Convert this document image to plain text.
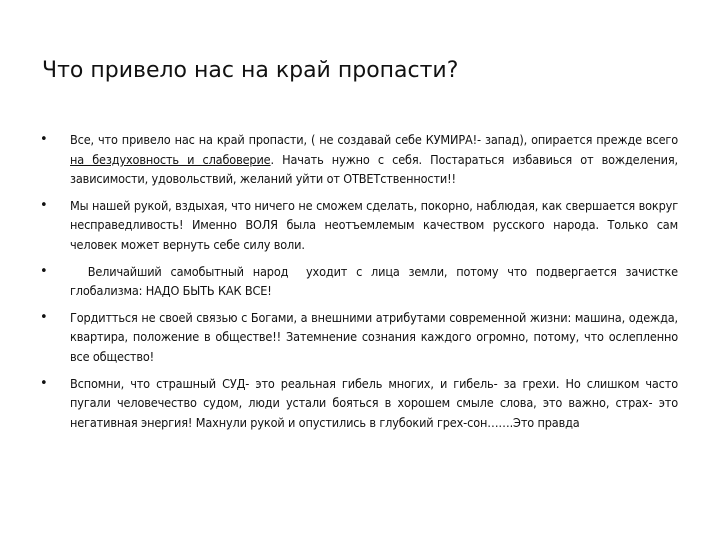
Что привело нас на край пропасти?
• Все, что привело нас на край пропасти, ( не создавай себе КУМИРА!- запад), опирается прежде всего на бездуховность и слабоверие. Начать нужно с себя. Постараться избавиься от вожделения, зависимости, удовольствий, желаний уйти от ОТВЕТственности!!
• Мы нашей рукой, вздыхая, что ничего не сможем сделать, покорно, наблюдая, как свершается вокруг несправедливость! Именно ВОЛЯ была неотъемлемым качеством русского народа. Только сам человек может вернуть себе силу воли.
• Величайший самобытный народ  уходит с лица земли, потому что подвергается зачистке глобализма: НАДО БЫТЬ КАК ВСЕ!
• Гордитться не своей связью с Богами, а внешними атрибутами современной жизни: машина, одежда, квартира, положение в обществе!! Затемнение сознания каждого огромно, потому, что ослепленно все общество!
• Вспомни, что страшный СУД- это реальная гибель многих, и гибель- за грехи. Но слишком часто пугали человечество судом, люди устали бояться в хорошем смыле слова, это важно, страх- это негативная энергия! Махнули рукой и опустились в глубокий грех-сон…….Это правда
